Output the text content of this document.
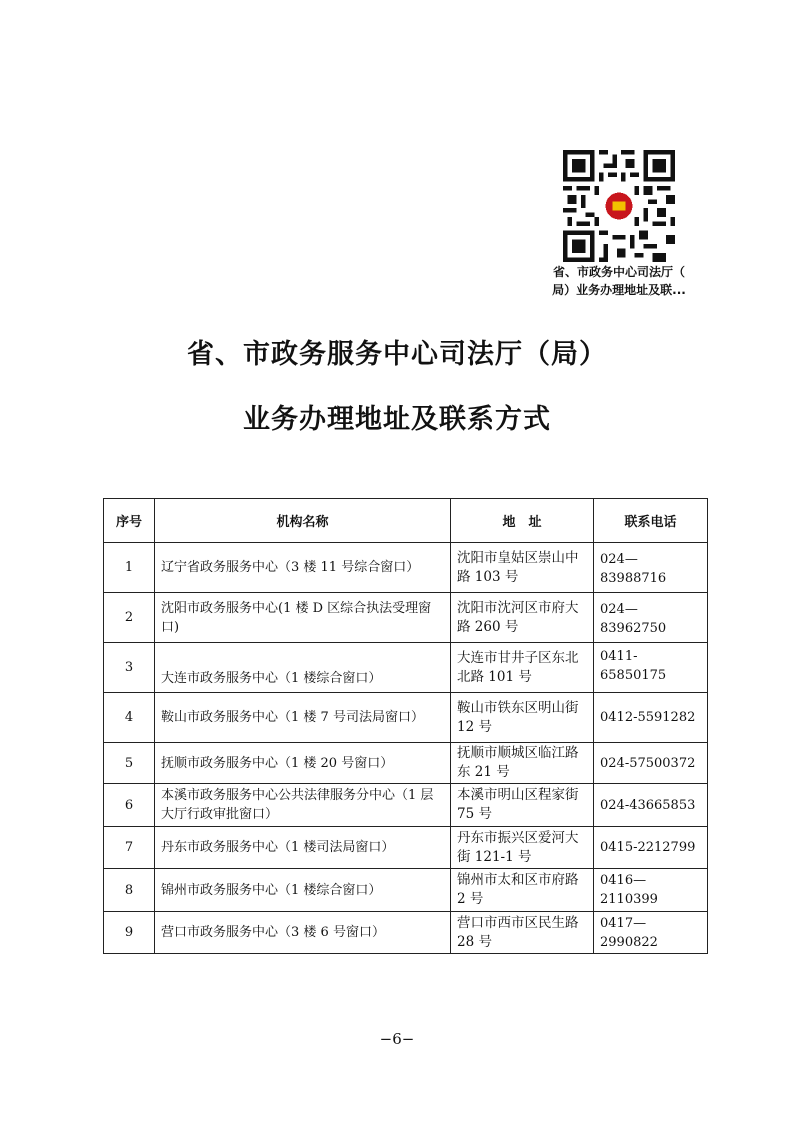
省、市政务中心司法厅（
局）业务办理地址及联...
省、市政务服务中心司法厅（局）
业务办理地址及联系方式
序号	机构名称	地　址	联系电话
1	辽宁省政务服务中心（3 楼 11 号综合窗口）	沈阳市皇姑区崇山中路 103 号	024—83988716
2	沈阳市政务服务中心(1 楼 D 区综合执法受理窗口)	沈阳市沈河区市府大路 260 号	024—83962750
3	大连市政务服务中心（1 楼综合窗口）	大连市甘井子区东北北路 101 号	0411-65850175
4	鞍山市政务服务中心（1 楼 7 号司法局窗口）	鞍山市铁东区明山街 12 号	0412-5591282
5	抚顺市政务服务中心（1 楼 20 号窗口）	抚顺市顺城区临江路东 21 号	024-57500372
6	本溪市政务服务中心公共法律服务分中心（1 层大厅行政审批窗口）	本溪市明山区程家街 75 号	024-43665853
7	丹东市政务服务中心（1 楼司法局窗口）	丹东市振兴区爱河大街 121-1 号	0415-2212799
8	锦州市政务服务中心（1 楼综合窗口）	锦州市太和区市府路 2 号	0416—2110399
9	营口市政务服务中心（3 楼 6 号窗口）	营口市西市区民生路 28 号	0417—2990822
−6−
